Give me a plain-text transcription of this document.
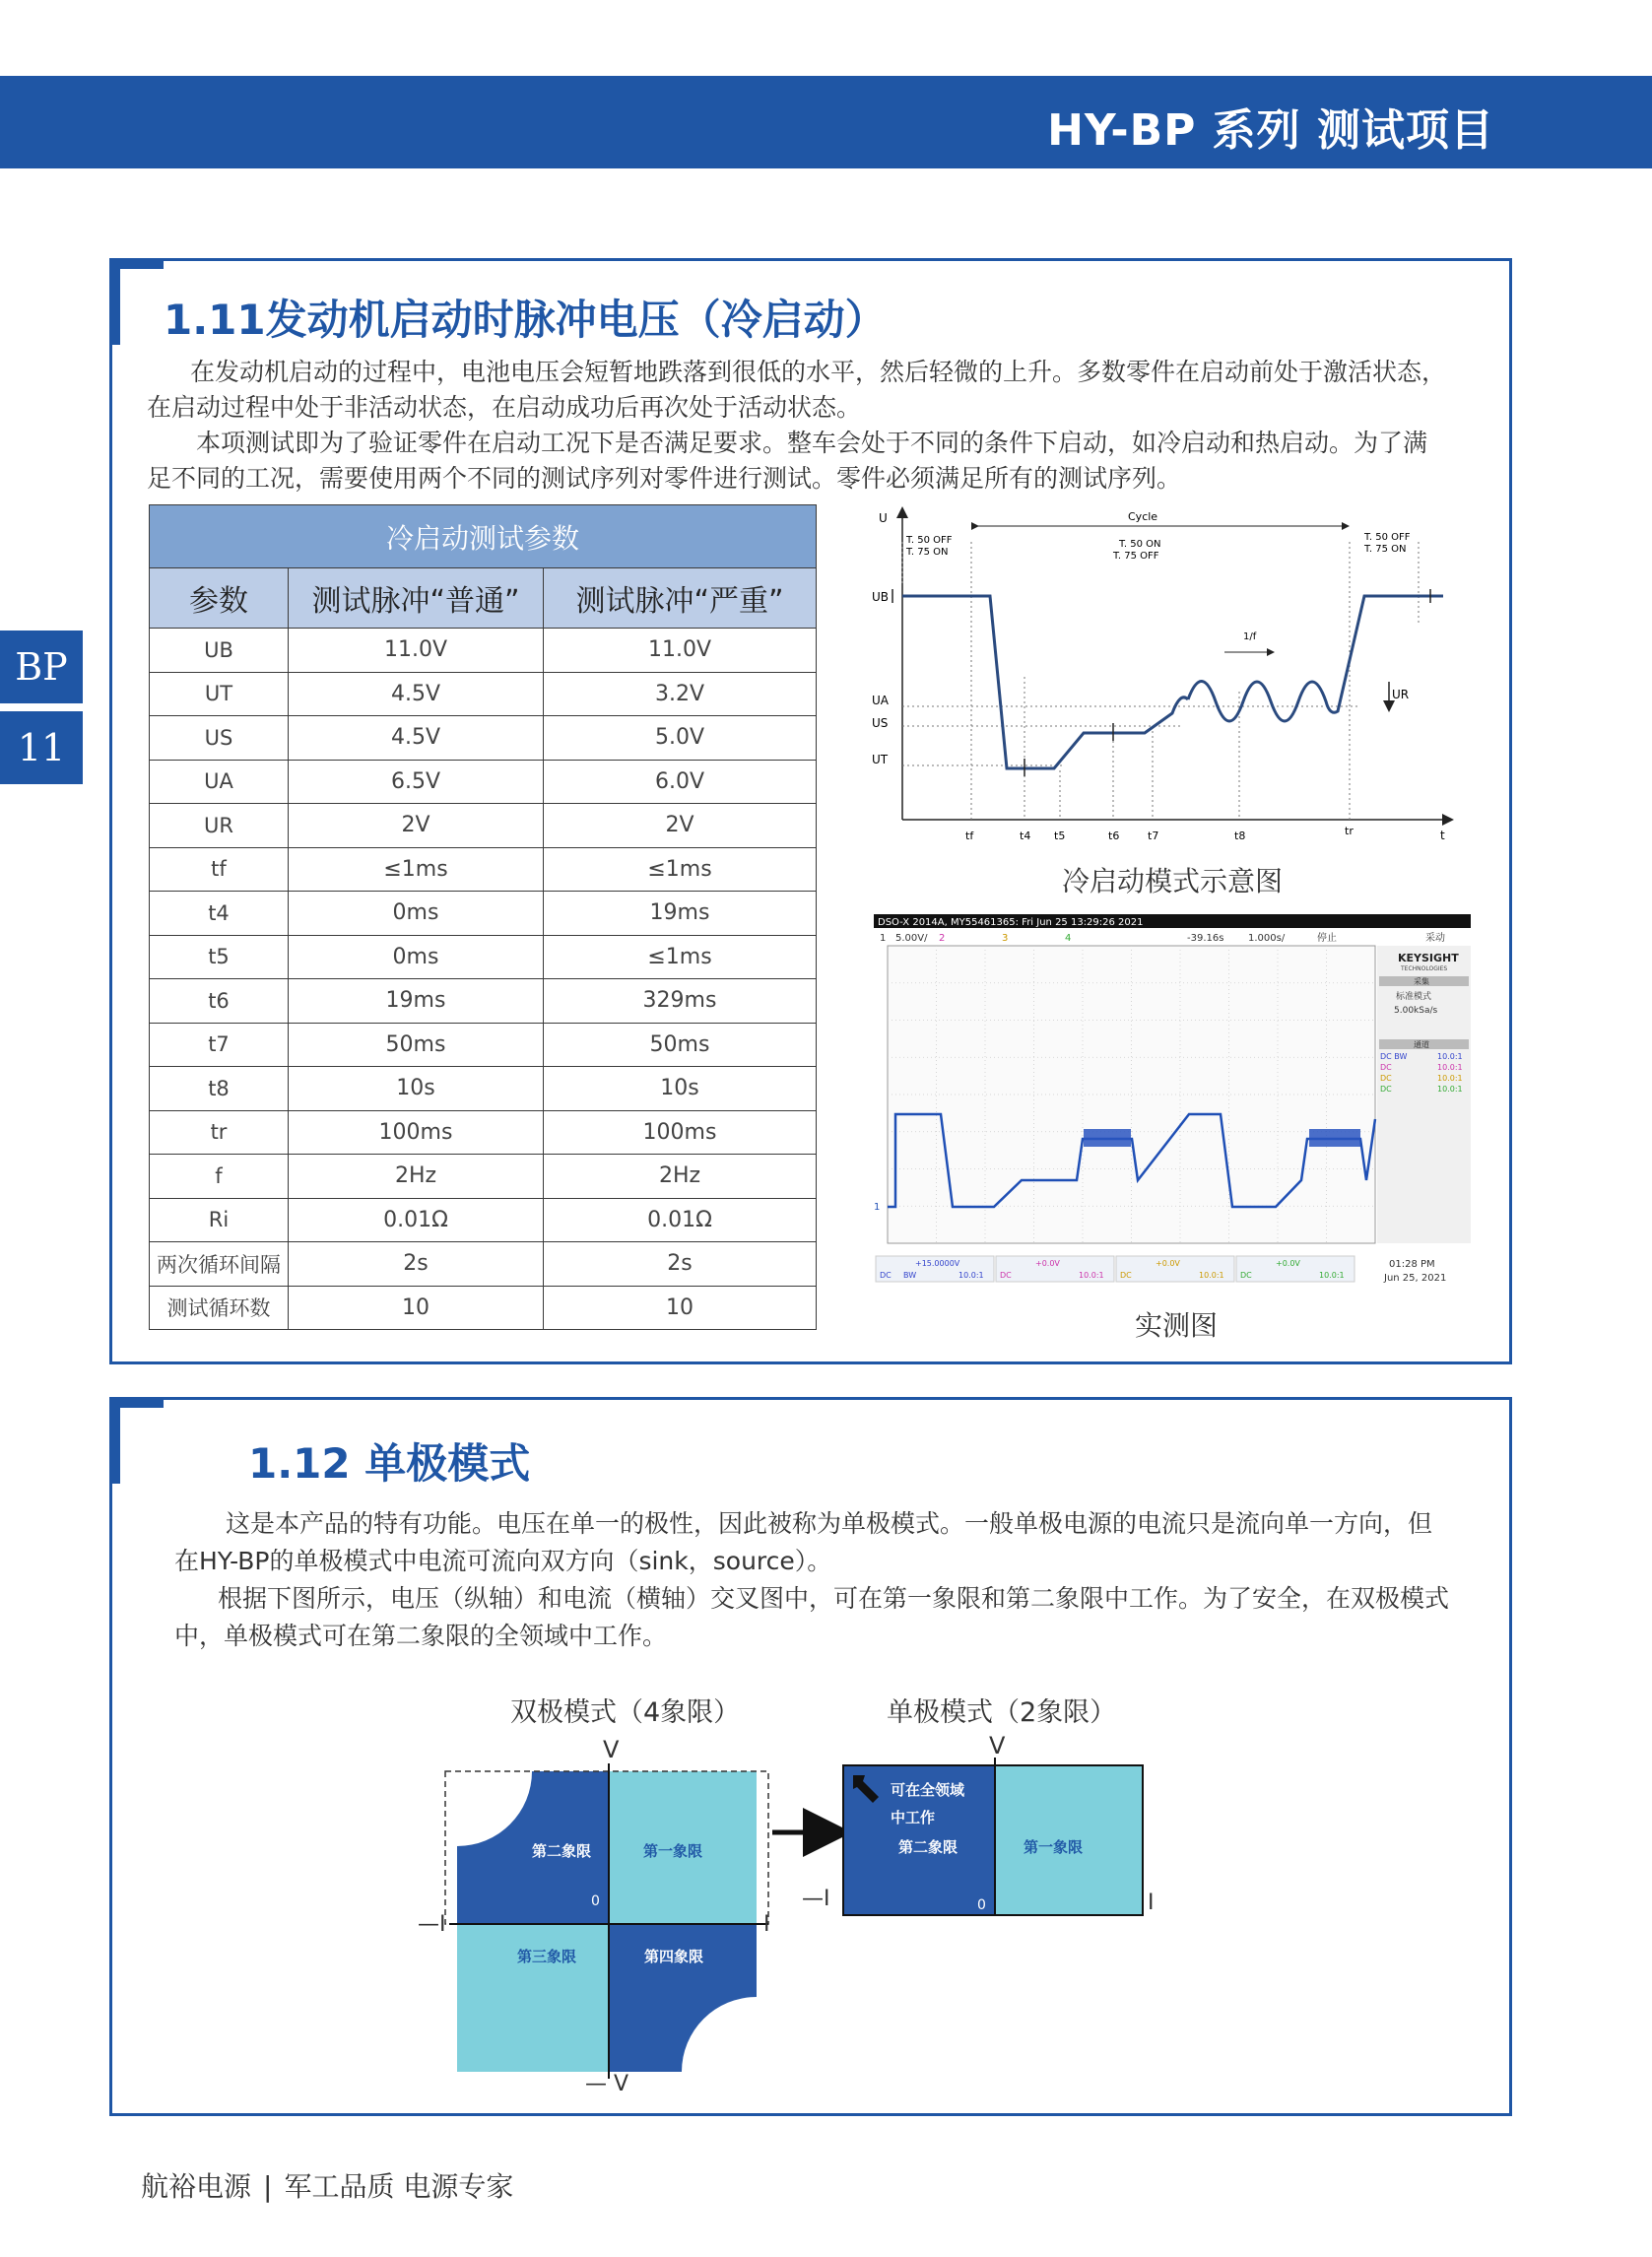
HY-BP 系列 测试项目
BP
11
1.11发动机启动时脉冲电压（冷启动）

在发动机启动的过程中，电池电压会短暂地跌落到很低的水平，然后轻微的上升。多数零件在启动前处于激活状态，在启动过程中处于非活动状态，在启动成功后再次处于活动状态。

本项测试即为了验证零件在启动工况下是否满足要求。整车会处于不同的条件下启动，如冷启动和热启动。为了满足不同的工况，需要使用两个不同的测试序列对零件进行测试。零件必须满足所有的测试序列。

冷启动测试参数		
参数	测试脉冲“普通”	测试脉冲“严重”
UB	11.0V	11.0V
UT	4.5V	3.2V
US	4.5V	5.0V
UA	6.5V	6.0V
UR	2V	2V
tf	≤1ms	≤1ms
t4	0ms	19ms
t5	0ms	≤1ms
t6	19ms	329ms
t7	50ms	50ms
t8	10s	10s
tr	100ms	100ms
f	2Hz	2Hz
Ri	0.01Ω	0.01Ω
两次循环间隔	2s	2s
测试循环数	10	10
U
t
Cycle
T. 50 OFF
T. 75 ON
T. 50 ON
T. 75 OFF
T. 50 OFF
T. 75 ON
UB
UA
US
UT
UR
1/f
tf	t4 t5	t6	t7	t8	tr
冷启动模式示意图
DSO-X 2014A, MY55461365: Fri Jun 25 13:29:26 2021
1 5.00V/ 2	3	4	-39.16s 1.000s/	停止	采动
1
KEYSIGHT
TECHNOLOGIES
采集
标准模式
5.00kSa/s
通道
DC BW	10.0:1
DC	10.0:1
DC	10.0:1
DC	10.0:1
+15.0000V
DC BW	10.0:1
+0.0V
DC	10.0:1
+0.0V
DC	10.0:1
+0.0V
DC	10.0:1
01:28 PM
Jun 25, 2021
实测图
1.12 单极模式

这是本产品的特有功能。电压在单一的极性，因此被称为单极模式。一般单极电源的电流只是流向单一方向，但在HY-BP的单极模式中电流可流向双方向（sink，source）。

根据下图所示，电压（纵轴）和电流（横轴）交叉图中，可在第一象限和第二象限中工作。为了安全，在双极模式中，单极模式可在第二象限的全领域中工作。

双极模式（4象限）
第二象限	第一象限
第三象限	第四象限
V
— V
—I	I
0
单极模式（2象限）
可在全领域
中工作
第二象限	第一象限
V
—I	I
0
航裕电源 | 军工品质 电源专家
